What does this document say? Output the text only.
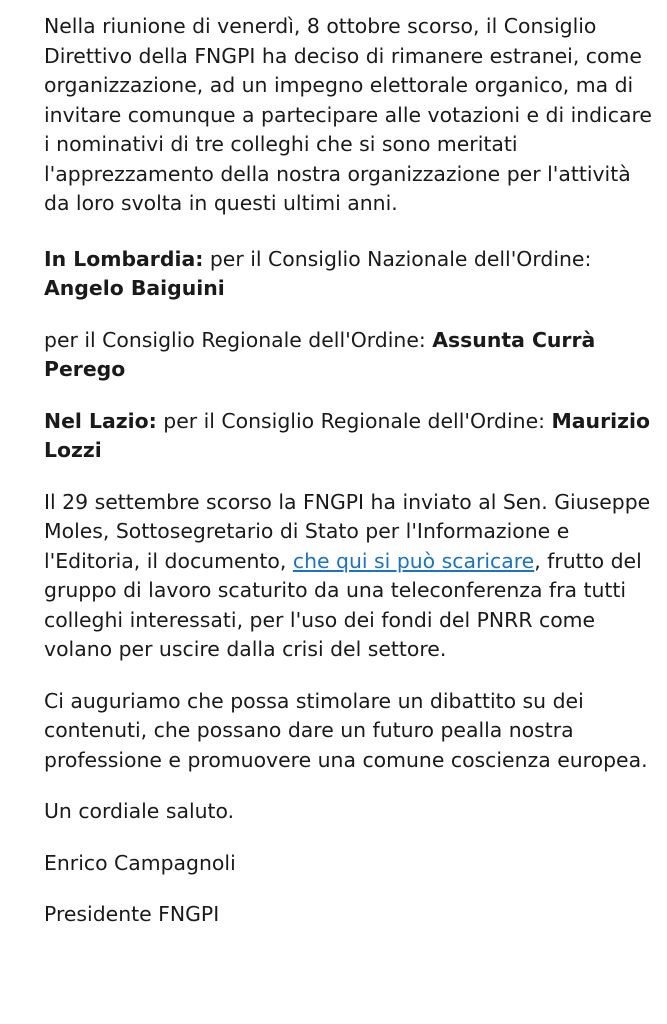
Nella riunione di venerdì, 8 ottobre scorso, il Consiglio Direttivo della FNGPI ha deciso di rimanere estranei, come organizzazione, ad un impegno elettorale organico, ma di invitare comunque a partecipare alle votazioni e di indicare i nominativi di tre colleghi che si sono meritati l'apprezzamento della nostra organizzazione per l'attività da loro svolta in questi ultimi anni.

In Lombardia: per il Consiglio Nazionale dell'Ordine: Angelo Baiguini

per il Consiglio Regionale dell'Ordine: Assunta Currà Perego

Nel Lazio: per il Consiglio Regionale dell'Ordine: Maurizio Lozzi

Il 29 settembre scorso la FNGPI ha inviato al Sen. Giuseppe Moles, Sottosegretario di Stato per l'Informazione e l'Editoria, il documento, che qui si può scaricare, frutto del gruppo di lavoro scaturito da una teleconferenza fra tutti colleghi interessati, per l'uso dei fondi del PNRR come volano per uscire dalla crisi del settore.

Ci auguriamo che possa stimolare un dibattito su dei contenuti, che possano dare un futuro pealla nostra professione e promuovere una comune coscienza europea.

Un cordiale saluto.

Enrico Campagnoli

Presidente FNGPI
